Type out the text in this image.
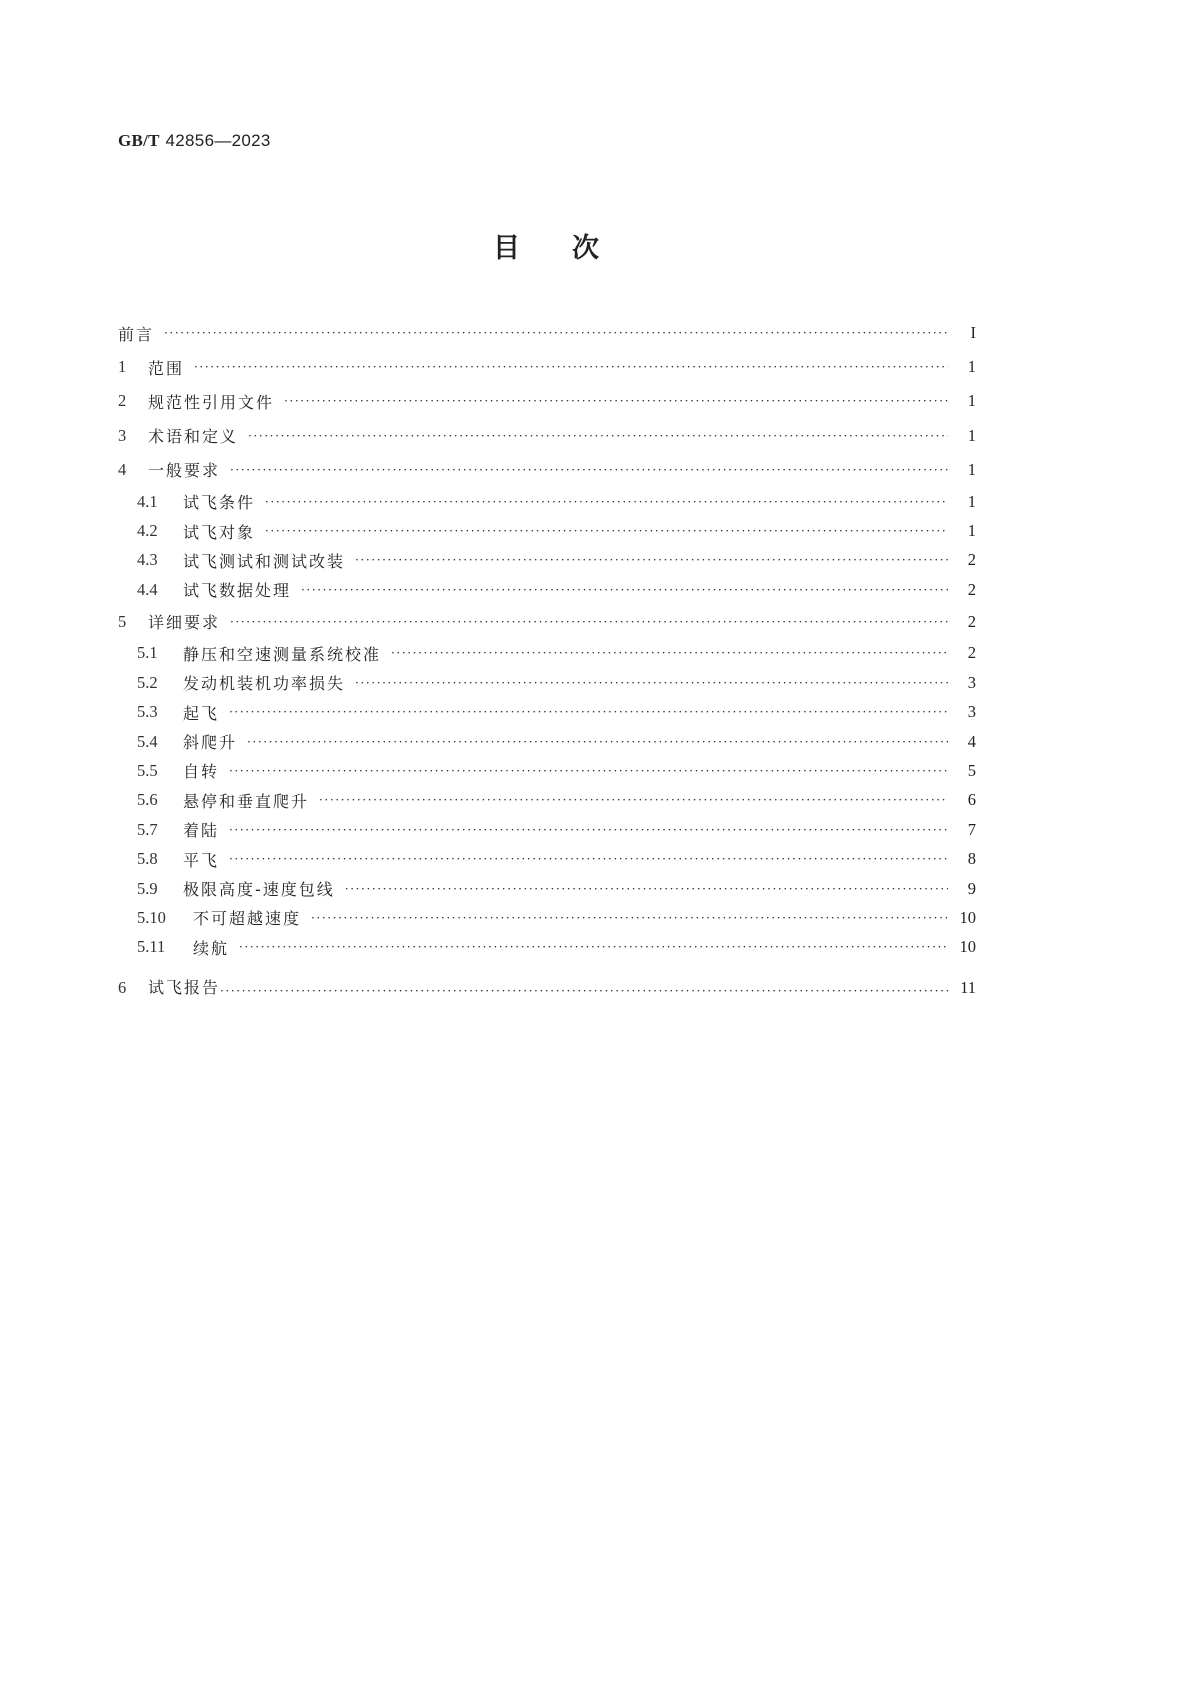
GB/T 42856—2023
目次
前言 ·····	I
1	范围 ·····	1
2	规范性引用文件 ·····	1
3	术语和定义 ·····	1
4	一般要求 ·····	1
4.1	试飞条件 ·····	1
4.2	试飞对象 ·····	1
4.3	试飞测试和测试改装 ·····	2
4.4	试飞数据处理 ·····	2
5	详细要求 ·····	2
5.1	静压和空速测量系统校准 ·····	2
5.2	发动机装机功率损失 ·····	3
5.3	起飞 ·····	3
5.4	斜爬升 ·····	4
5.5	自转 ·····	5
5.6	悬停和垂直爬升 ·····	6
5.7	着陆 ·····	7
5.8	平飞 ·····	8
5.9	极限高度-速度包线 ·····	9
5.10	不可超越速度 ·····	10
5.11	续航 ·····	10
6	试飞报告 ·····	11
